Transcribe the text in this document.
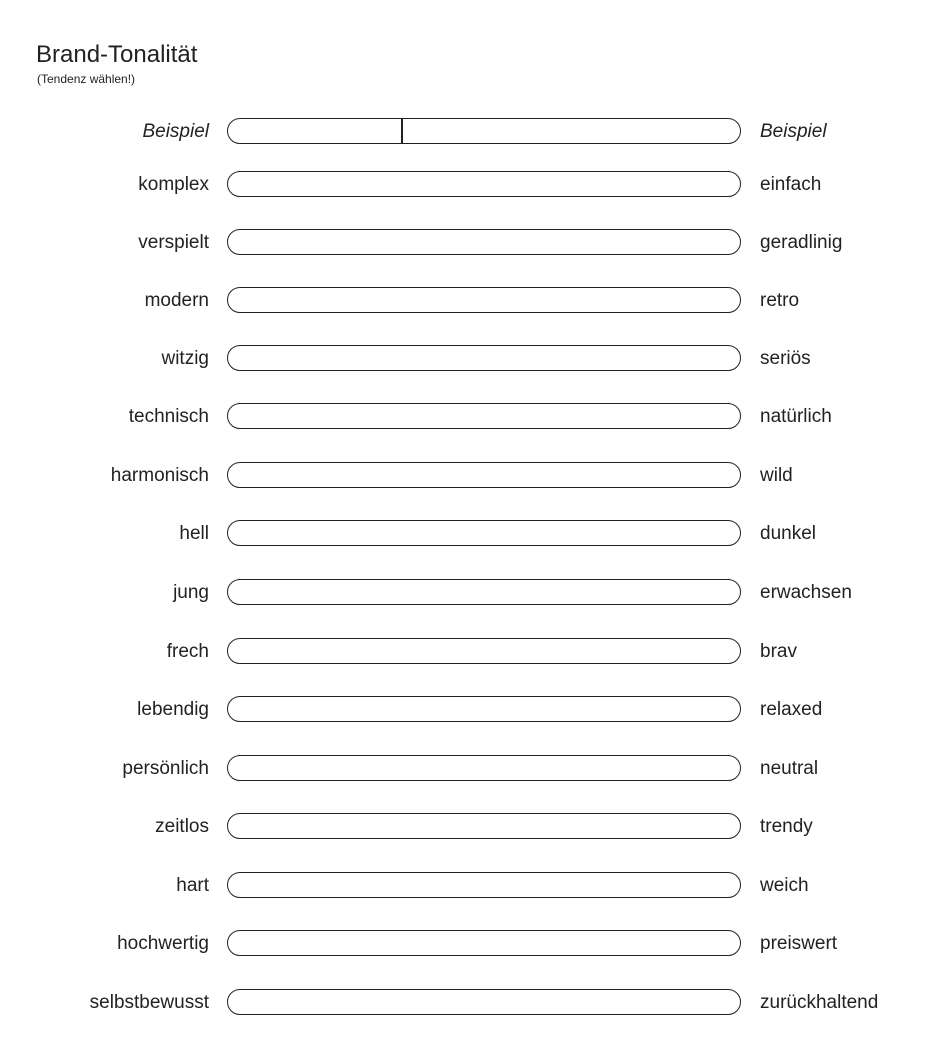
Brand-Tonalität
(Tendenz wählen!)
Beispiel	Beispiel
komplex	einfach
verspielt	geradlinig
modern	retro
witzig	seriös
technisch	natürlich
harmonisch	wild
hell	dunkel
jung	erwachsen
frech	brav
lebendig	relaxed
persönlich	neutral
zeitlos	trendy
hart	weich
hochwertig	preiswert
selbstbewusst	zurückhaltend
